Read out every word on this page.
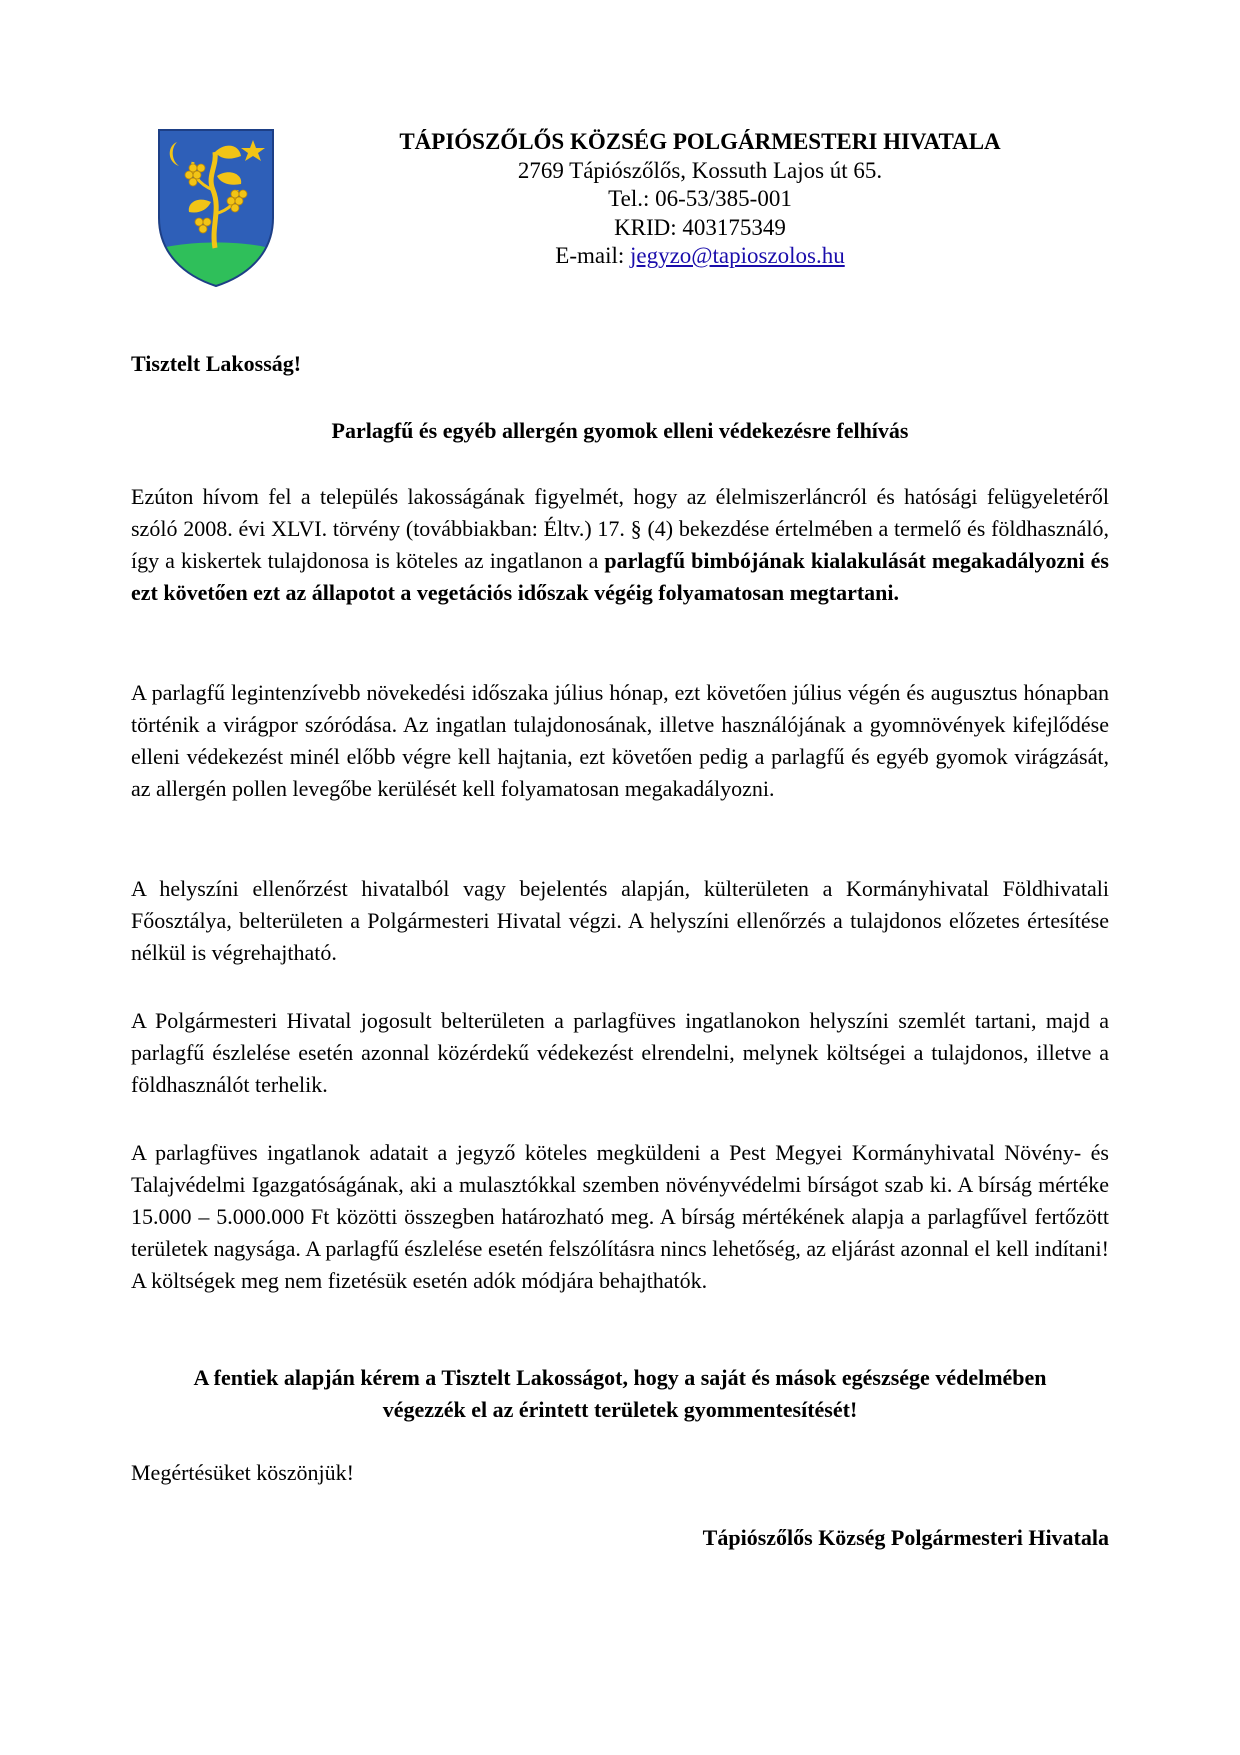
TÁPIÓSZŐLŐS KÖZSÉG POLGÁRMESTERI HIVATALA
2769 Tápiószőlős, Kossuth Lajos út 65.
Tel.: 06-53/385-001
KRID: 403175349
E-mail: jegyzo@tapioszolos.hu
Tisztelt Lakosság!
Parlagfű és egyéb allergén gyomok elleni védekezésre felhívás
Ezúton hívom fel a település lakosságának figyelmét, hogy az élelmiszerláncról és hatósági felügyeletéről szóló 2008. évi XLVI. törvény (továbbiakban: Éltv.) 17. § (4) bekezdése értelmében a termelő és földhasználó, így a kiskertek tulajdonosa is köteles az ingatlanon a parlagfű bimbójának kialakulását megakadályozni és ezt követően ezt az állapotot a vegetációs időszak végéig folyamatosan megtartani.
A parlagfű legintenzívebb növekedési időszaka július hónap, ezt követően július végén és augusztus hónapban történik a virágpor szóródása. Az ingatlan tulajdonosának, illetve használójának a gyomnövények kifejlődése elleni védekezést minél előbb végre kell hajtania, ezt követően pedig a parlagfű és egyéb gyomok virágzását, az allergén pollen levegőbe kerülését kell folyamatosan megakadályozni.
A helyszíni ellenőrzést hivatalból vagy bejelentés alapján, külterületen a Kormányhivatal Földhivatali Főosztálya, belterületen a Polgármesteri Hivatal végzi. A helyszíni ellenőrzés a tulajdonos előzetes értesítése nélkül is végrehajtható.
A Polgármesteri Hivatal jogosult belterületen a parlagfüves ingatlanokon helyszíni szemlét tartani, majd a parlagfű észlelése esetén azonnal közérdekű védekezést elrendelni, melynek költségei a tulajdonos, illetve a földhasználót terhelik.
A parlagfüves ingatlanok adatait a jegyző köteles megküldeni a Pest Megyei Kormányhivatal Növény- és Talajvédelmi Igazgatóságának, aki a mulasztókkal szemben növényvédelmi bírságot szab ki. A bírság mértéke 15.000 – 5.000.000 Ft közötti összegben határozható meg. A bírság mértékének alapja a parlagfűvel fertőzött területek nagysága. A parlagfű észlelése esetén felszólításra nincs lehetőség, az eljárást azonnal el kell indítani! A költségek meg nem fizetésük esetén adók módjára behajthatók.
A fentiek alapján kérem a Tisztelt Lakosságot, hogy a saját és mások egészsége védelmében
végezzék el az érintett területek gyommentesítését!
Megértésüket köszönjük!
Tápiószőlős Község Polgármesteri Hivatala
